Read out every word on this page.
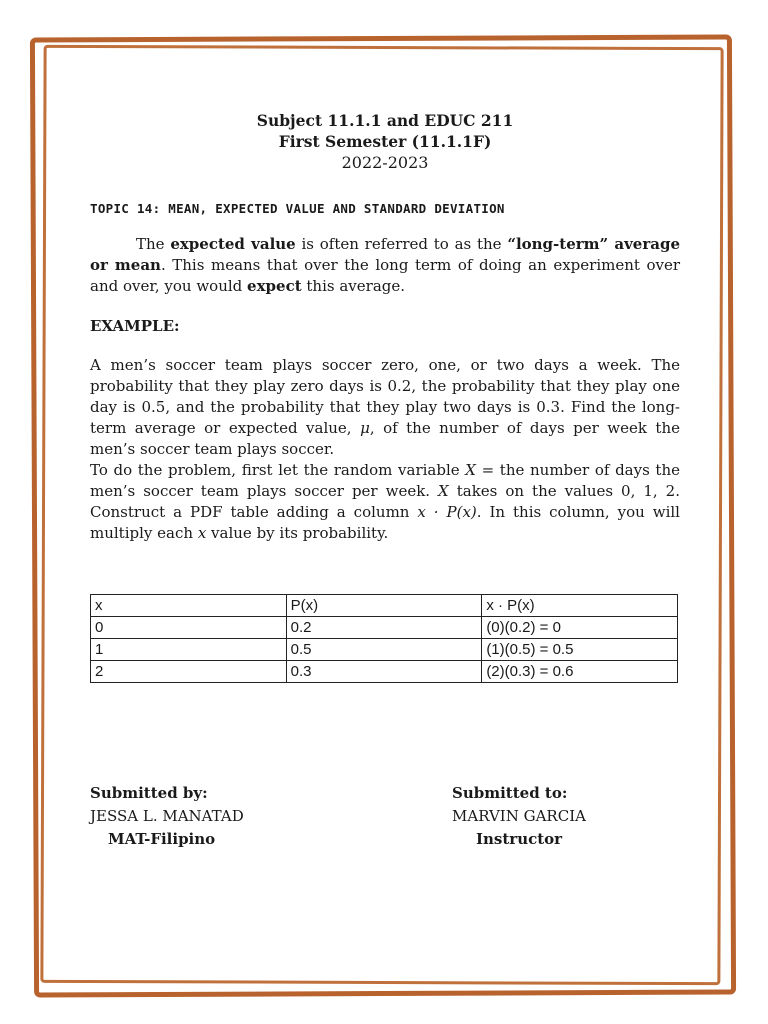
Subject 11.1.1 and EDUC 211
First Semester (11.1.1F)
2022-2023
TOPIC 14: MEAN, EXPECTED VALUE AND STANDARD DEVIATION
The expected value is often referred to as the “long-term” average or mean. This means that over the long term of doing an experiment over and over, you would expect this average.
EXAMPLE:
A men’s soccer team plays soccer zero, one, or two days a week. The probability that they play zero days is 0.2, the probability that they play one day is 0.5, and the probability that they play two days is 0.3. Find the long-term average or expected value, μ, of the number of days per week the men’s soccer team plays soccer.
To do the problem, first let the random variable X = the number of days the men’s soccer team plays soccer per week. X takes on the values 0, 1, 2. Construct a PDF table adding a column x · P(x). In this column, you will multiply each x value by its probability.
x	P(x)	x · P(x)
0	0.2	(0)(0.2) = 0
1	0.5	(1)(0.5) = 0.5
2	0.3	(2)(0.3) = 0.6
Submitted by:
JESSA L. MANATAD
MAT-Filipino
Submitted to:
MARVIN GARCIA
Instructor
